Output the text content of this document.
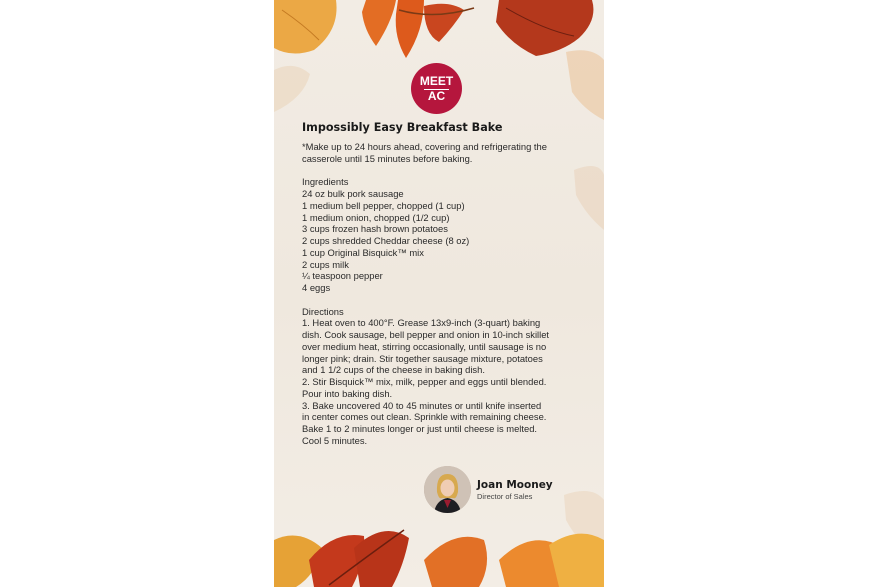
MEET
AC
Impossibly Easy Breakfast Bake
*Make up to 24 hours ahead, covering and refrigerating the
casserole until 15 minutes before baking.
Ingredients
24 oz bulk pork sausage
1 medium bell pepper, chopped (1 cup)
1 medium onion, chopped (1/2 cup)
3 cups frozen hash brown potatoes
2 cups shredded Cheddar cheese (8 oz)
1 cup Original Bisquick™ mix
2 cups milk
¼ teaspoon pepper
4 eggs
Directions
1. Heat oven to 400°F. Grease 13x9-inch (3-quart) baking
dish. Cook sausage, bell pepper and onion in 10-inch skillet
over medium heat, stirring occasionally, until sausage is no
longer pink; drain. Stir together sausage mixture, potatoes
and 1 1/2 cups of the cheese in baking dish.
2. Stir Bisquick™ mix, milk, pepper and eggs until blended.
Pour into baking dish.
3. Bake uncovered 40 to 45 minutes or until knife inserted
in center comes out clean. Sprinkle with remaining cheese.
Bake 1 to 2 minutes longer or just until cheese is melted.
Cool 5 minutes.
Joan Mooney
Director of Sales
